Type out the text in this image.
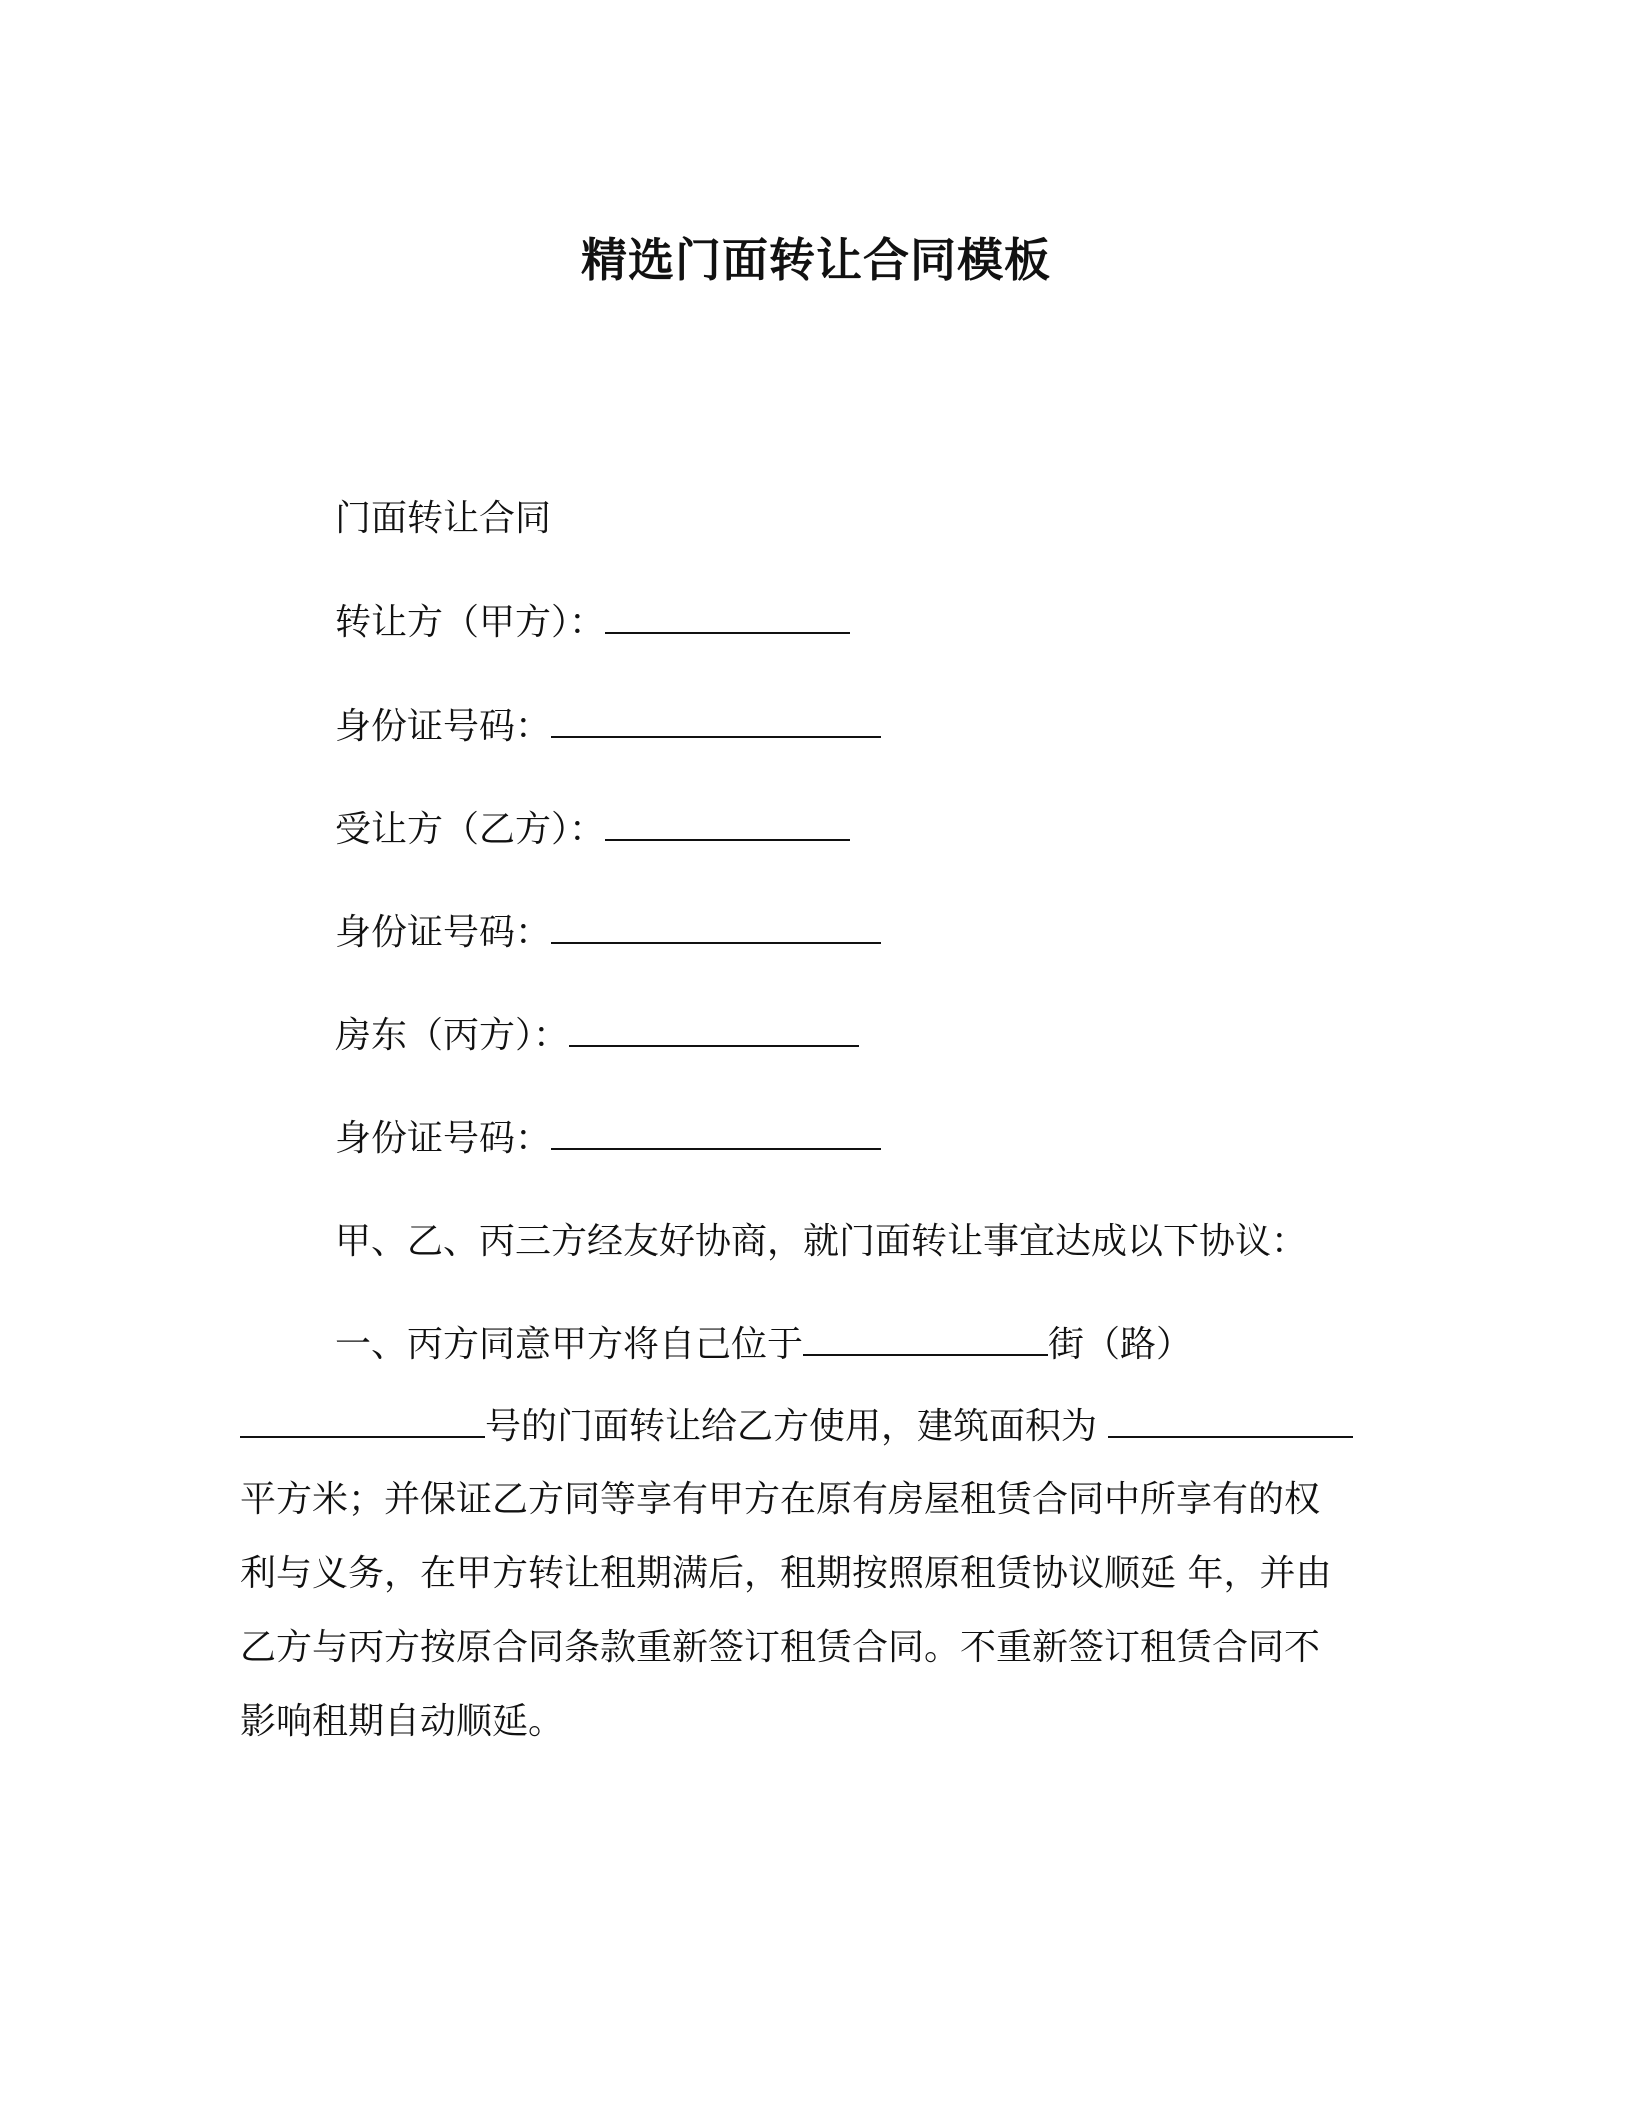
精选门面转让合同模板
门面转让合同
转让方（甲方）：
身份证号码：
受让方（乙方）：
身份证号码：
房东（丙方）：
身份证号码：
甲、乙、丙三方经友好协商，就门面转让事宜达成以下协议：
一、丙方同意甲方将自己位于	街（路）
号的门面转让给乙方使用，建筑面积为
平方米；并保证乙方同等享有甲方在原有房屋租赁合同中所享有的权
利与义务，在甲方转让租期满后，租期按照原租赁协议顺延 年，并由
乙方与丙方按原合同条款重新签订租赁合同。不重新签订租赁合同不
影响租期自动顺延。
